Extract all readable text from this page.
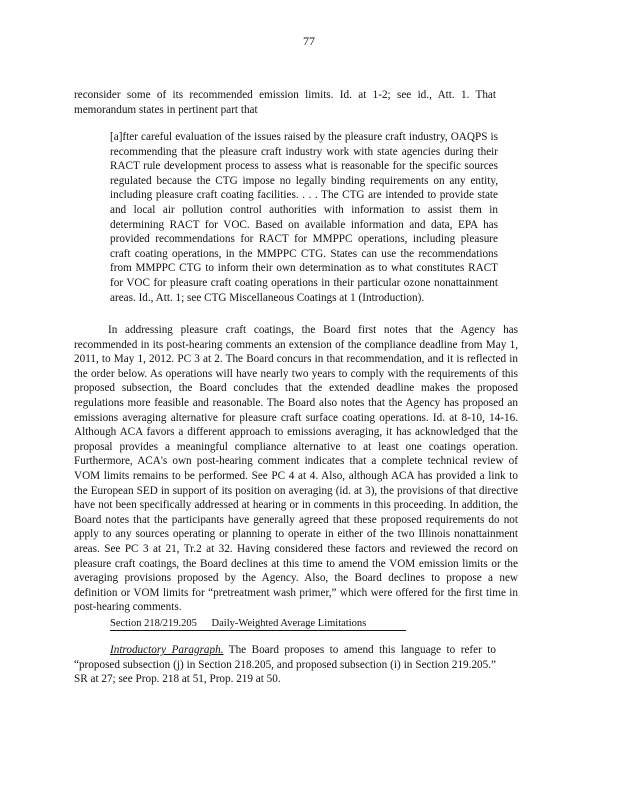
77

reconsider some of its recommended emission limits. Id. at 1-2; see id., Att. 1. That memorandum states in pertinent part that

[a]fter careful evaluation of the issues raised by the pleasure craft industry, OAQPS is recommending that the pleasure craft industry work with state agencies during their RACT rule development process to assess what is reasonable for the specific sources regulated because the CTG impose no legally binding requirements on any entity, including pleasure craft coating facilities. . . . The CTG are intended to provide state and local air pollution control authorities with information to assist them in determining RACT for VOC. Based on available information and data, EPA has provided recommendations for RACT for MMPPC operations, including pleasure craft coating operations, in the MMPPC CTG. States can use the recommendations from MMPPC CTG to inform their own determination as to what constitutes RACT for VOC for pleasure craft coating operations in their particular ozone nonattainment areas. Id., Att. 1; see CTG Miscellaneous Coatings at 1 (Introduction).

In addressing pleasure craft coatings, the Board first notes that the Agency has recommended in its post-hearing comments an extension of the compliance deadline from May 1, 2011, to May 1, 2012. PC 3 at 2. The Board concurs in that recommendation, and it is reflected in the order below. As operations will have nearly two years to comply with the requirements of this proposed subsection, the Board concludes that the extended deadline makes the proposed regulations more feasible and reasonable. The Board also notes that the Agency has proposed an emissions averaging alternative for pleasure craft surface coating operations. Id. at 8-10, 14-16. Although ACA favors a different approach to emissions averaging, it has acknowledged that the proposal provides a meaningful compliance alternative to at least one coatings operation. Furthermore, ACA's own post-hearing comment indicates that a complete technical review of VOM limits remains to be performed. See PC 4 at 4. Also, although ACA has provided a link to the European SED in support of its position on averaging (id. at 3), the provisions of that directive have not been specifically addressed at hearing or in comments in this proceeding. In addition, the Board notes that the participants have generally agreed that these proposed requirements do not apply to any sources operating or planning to operate in either of the two Illinois nonattainment areas. See PC 3 at 21, Tr.2 at 32. Having considered these factors and reviewed the record on pleasure craft coatings, the Board declines at this time to amend the VOM emission limits or the averaging provisions proposed by the Agency. Also, the Board declines to propose a new definition or VOM limits for “pretreatment wash primer,” which were offered for the first time in post-hearing comments.

Section 218/219.205 Daily-Weighted Average Limitations

Introductory Paragraph. The Board proposes to amend this language to refer to “proposed subsection (j) in Section 218.205, and proposed subsection (i) in Section 219.205.” SR at 27; see Prop. 218 at 51, Prop. 219 at 50.
